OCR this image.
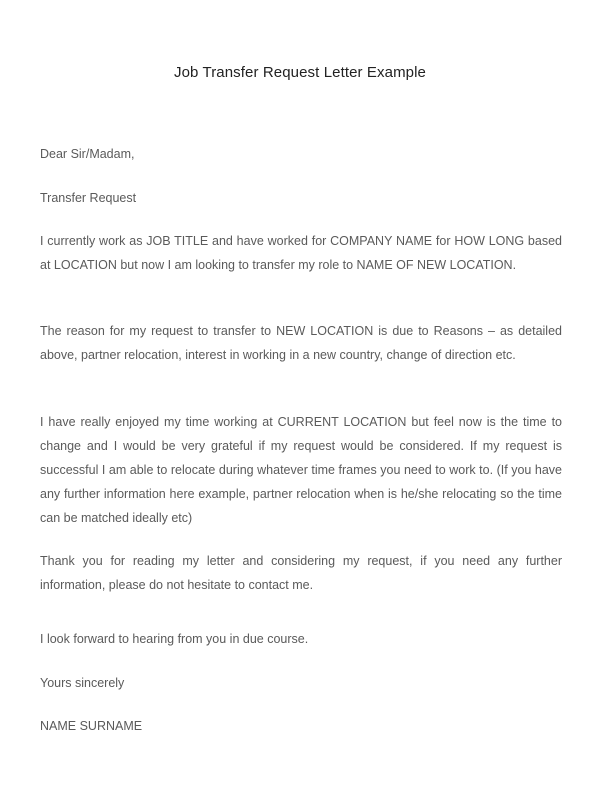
Job Transfer Request Letter Example

Dear Sir/Madam,

Transfer Request

I currently work as JOB TITLE and have worked for COMPANY NAME for HOW LONG based at LOCATION but now I am looking to transfer my role to NAME OF NEW LOCATION.

The reason for my request to transfer to NEW LOCATION is due to Reasons – as detailed above, partner relocation, interest in working in a new country, change of direction etc.

I have really enjoyed my time working at CURRENT LOCATION but feel now is the time to change and I would be very grateful if my request would be considered. If my request is successful I am able to relocate during whatever time frames you need to work to. (If you have any further information here example, partner relocation when is he/she relocating so the time can be matched ideally etc)

Thank you for reading my letter and considering my request, if you need any further information, please do not hesitate to contact me.

I look forward to hearing from you in due course.

Yours sincerely

NAME SURNAME
